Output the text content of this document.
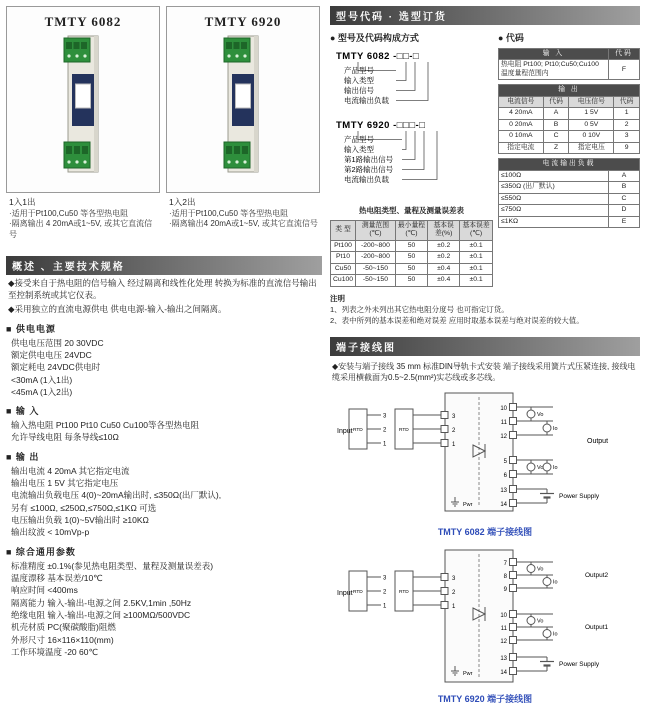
TMTY 6082
1入1出
·适用于Pt100,Cu50 等各型热电阻
·隔离输出 4 20mA或1~5V, 或其它直流信号
TMTY 6920
1入2出
·适用于Pt100,Cu50 等各型热电阻
·隔离输出4 20mA或1~5V, 或其它直流信号
概述 、主要技术规格
◆接受来自于热电阻的信号输入 经过隔离和线性化处理 转换为标准的直流信号输出至控制系统或其它仪表。
◆采用独立的直流电源供电 供电电源-输入-输出之间隔离。
■ 供电电源
供电电压范围 20 30VDC
额定供电电压 24VDC
额定耗电 24VDC供电时
<30mA (1入1出)
<45mA (1入2出)
■ 输 入
输入热电阻 Pt100 Pt10 Cu50 Cu100等各型热电阻
允许导线电阻 每条导线≤10Ω
■ 输 出
输出电流 4 20mA 其它指定电流
输出电压 1 5V 其它指定电压
电流输出负载电压 4(0)~20mA输出时, ≤350Ω(出厂默认),
另有 ≤100Ω, ≤250Ω,≤750Ω,≤1KΩ 可选
电压输出负载 1(0)~5V输出时 ≥10KΩ
输出纹波 < 10mVp-p
■ 综合通用参数
标准精度 ±0.1%(参见热电阻类型、量程及测量误差表)
温度漂移 基本误差/10℃
响应时间 <400ms
隔离能力 输入-输出-电源之间 2.5KV,1min ,50Hz
绝缘电阻 输入-输出-电源之间 ≥100MΩ/500VDC
机壳材质 PC(聚碳酸脂)阻燃
外形尺寸 16×116×110(mm)
工作环境温度 -20 60℃
型号代码 · 选型订货
● 型号及代码构成方式
TMTY 6082 -□□-□
产品型号
输入类型
输出信号
电流输出负载

TMTY 6920 -□□□-□
产品型号
输入类型
第1路输出信号
第2路输出信号
电流输出负载
热电阻类型、量程及测量误差表
类 型	测量范围(℃)	最小量程(℃)	基本误差(%)	基本误差(℃)
Pt100	-200~800	50	±0.2	±0.1
Pt10	-200~800	50	±0.2	±0.1
Cu50	-50~150	50	±0.4	±0.1
Cu100	-50~150	50	±0.4	±0.1
● 代码
输 入	代码
热电阻 Pt100; Pt10;Cu50;Cu100 温度量程范围内	F
输 出			
电流信号	代码	电压信号	代码
4 20mA	A	1 5V	1
0 20mA	B	0 5V	2
0 10mA	C	0 10V	3
指定电流	Z	指定电压	9
电流输出负载	
≤100Ω	A
≤350Ω (出厂默认)	B
≤550Ω	C
≤750Ω	D
≤1KΩ	E
注明
1、列表之外未列出其它热电阻分度号 也可指定订货。
2、表中所列的基本误差和绝对误差 应用时取基本误差与绝对误差的较大值。
端子接线图
◆安装与端子接线 35 mm 标准DIN导轨卡式安装 端子接线采用簧片式压紧连接, 接线电缆采用横截面为0.5~2.5(mm²)实芯线或多芯线。
Input RTD
3
2
1
RTD
3
2
1
10
11
12
Vo
Io
5
6
Vo Io
Output
13
14
Power Supply
Pwr
TMTY 6082 端子接线图
Input RTD
3
2
1
RTD
3
2
1
7
8
9
Vo
Io
Output2
10
11
12
Vo
Io
Output1
13
14
Power Supply
Pwr
TMTY 6920 端子接线图
